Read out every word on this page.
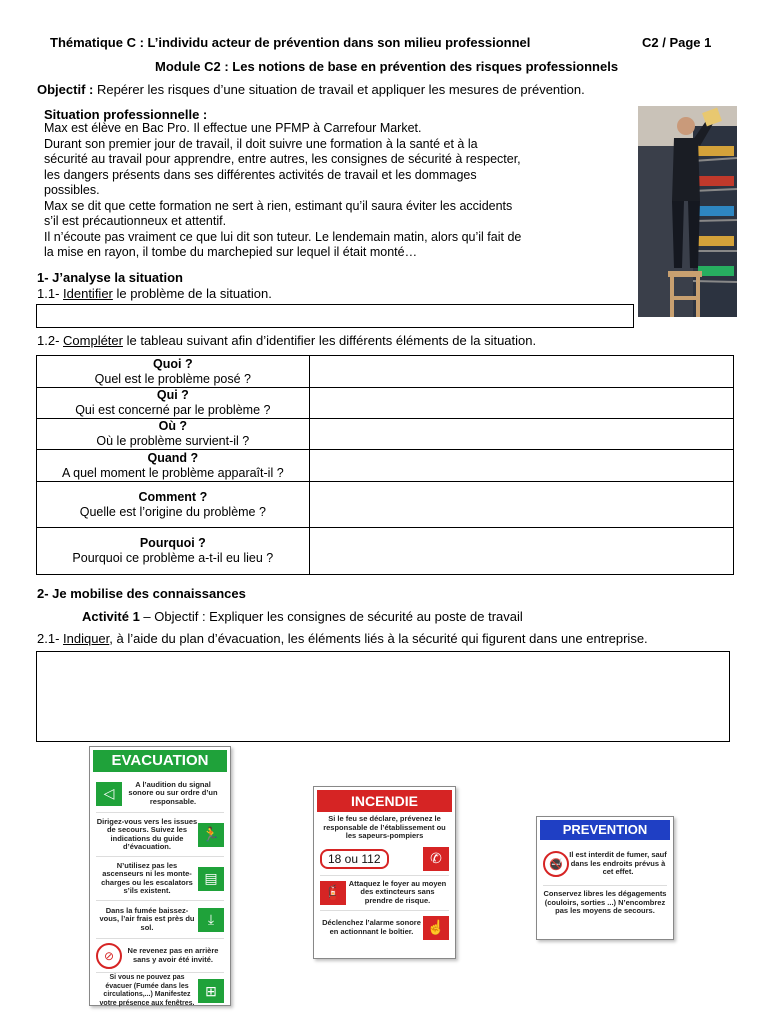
Thématique C : L’individu acteur de prévention dans son milieu professionnel	C2 / Page 1
Module C2 : Les notions de base en prévention des risques professionnels
Objectif : Repérer les risques d’une situation de travail et appliquer les mesures de prévention.
Situation professionnelle :
Max est élève en Bac Pro. Il effectue une PFMP à Carrefour Market.
Durant son premier jour de travail, il doit suivre une formation à la santé et à la
sécurité au travail pour apprendre, entre autres, les consignes de sécurité à respecter,
les dangers présents dans ses différentes activités de travail et les dommages
possibles.
Max se dit que cette formation ne sert à rien, estimant qu’il saura éviter les accidents
s’il est précautionneux et attentif.
Il n’écoute pas vraiment ce que lui dit son tuteur. Le lendemain matin, alors qu’il fait de
la mise en rayon, il tombe du marchepied sur lequel il était monté…
1- J’analyse la situation
1.1- Identifier le problème de la situation.
1.2- Compléter le tableau suivant afin d’identifier les différents éléments de la situation.
Quoi ?
Quel est le problème posé ?	

Qui ?
Qui est concerné par le problème ?	

Où ?
Où le problème survient-il ?	

Quand ?
A quel moment le problème apparaît-il ?	

Comment ?
Quelle est l’origine du problème ?	

Pourquoi ?
Pourquoi ce problème a-t-il eu lieu ?	

2- Je mobilise des connaissances
Activité 1 – Objectif : Expliquer les consignes de sécurité au poste de travail
2.1- Indiquer, à l’aide du plan d’évacuation, les éléments liés à la sécurité qui figurent dans une entreprise.
EVACUATION
◁
A l’audition du signal sonore ou sur ordre d’un responsable.
Dirigez-vous vers les issues de secours. Suivez les indications du guide d’évacuation.
🏃
N’utilisez pas les ascenseurs ni les monte-charges ou les escalators s’ils existent.
▤
Dans la fumée baissez-vous, l’air frais est près du sol.
⤓
⊘	Ne revenez pas en arrière sans y avoir été invité.
Si vous ne pouvez pas évacuer (Fumée dans les circulations,...) Manifestez votre présence aux fenêtres.
⊞
INCENDIE
Si le feu se déclare, prévenez le responsable de l’établissement ou les sapeurs-pompiers
18 ou 112	✆
🧯
Attaquez le foyer au moyen des extincteurs sans prendre de risque.
Déclenchez l’alarme sonore en actionnant le boîtier. ☝
PREVENTION
🚭
Il est interdit de fumer, sauf dans les endroits prévus à cet effet.
Conservez libres les dégagements (couloirs, sorties ...) N’encombrez pas les moyens de secours.
